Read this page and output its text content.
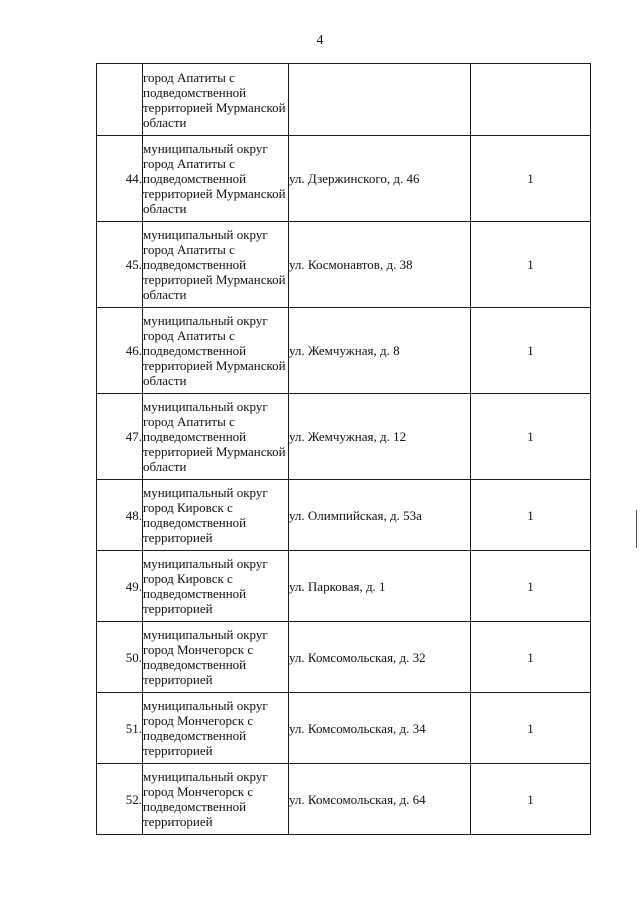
4
	город Апатиты с подведомственной территорией Мурманской области		
44.	муниципальный округ город Апатиты с подведомственной территорией Мурманской области	ул. Дзержинского, д. 46	1
45.	муниципальный округ город Апатиты с подведомственной территорией Мурманской области	ул. Космонавтов, д. 38	1
46.	муниципальный округ город Апатиты с подведомственной территорией Мурманской области	ул. Жемчужная, д. 8	1
47.	муниципальный округ город Апатиты с подведомственной территорией Мурманской области	ул. Жемчужная, д. 12	1
48.	муниципальный округ город Кировск с подведомственной территорией	ул. Олимпийская, д. 53а	1
49.	муниципальный округ город Кировск с подведомственной территорией	ул. Парковая, д. 1	1
50.	муниципальный округ город Мончегорск с подведомственной территорией	ул. Комсомольская, д. 32	1
51.	муниципальный округ город Мончегорск с подведомственной территорией	ул. Комсомольская, д. 34	1
52.	муниципальный округ город Мончегорск с подведомственной территорией	ул. Комсомольская, д. 64	1
